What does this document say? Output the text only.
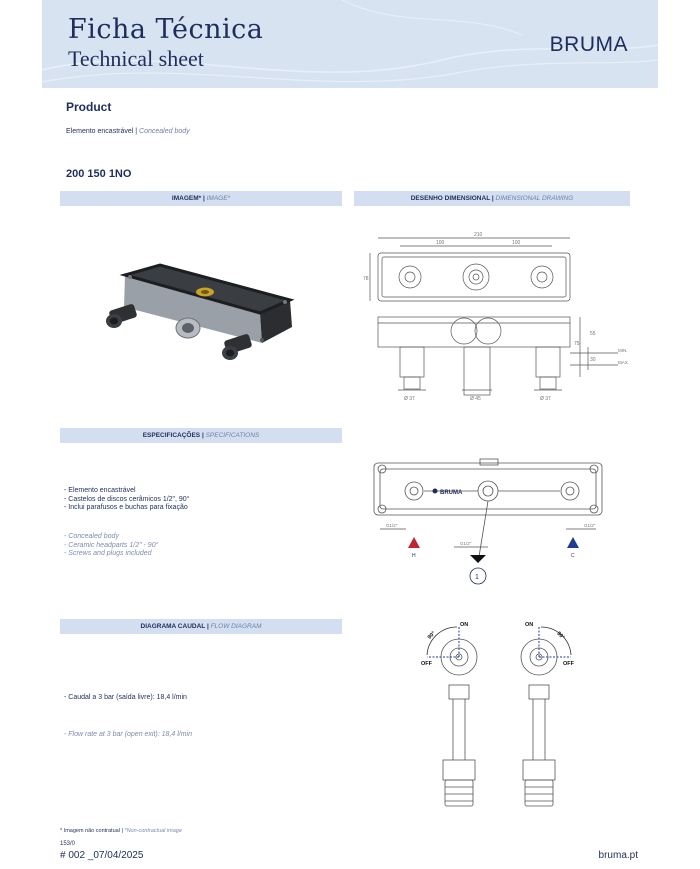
Ficha Técnica
Technical sheet
BRUMA
Product
Elemento encastrável | Concealed body
200 150 1NO
IMAGEM* | IMAGE*	DESENHO DIMENSIONAL | DIMENSIONAL DRAWING
ESPECIFICAÇÕES | SPECIFICATIONS
DIAGRAMA CAUDAL | FLOW DIAGRAM
210
100	100
78
55
75
30
MIN.
MAX.
Ø 37	Ø 45	Ø 37
BRUMA
G1/2"
G1/2"
G1/2"
H	C
1
- Elemento encastrável
- Castelos de discos cerâmicos 1/2", 90°
- Inclui parafusos e buchas para fixação
- Concealed body
- Ceramic headparts 1/2" - 90°
- Screws and plugs included
- Caudal a 3 bar (saída livre): 18,4 l/min
- Flow rate at 3 bar (open exit): 18,4 l/min
ON
OFF
90°
ON
OFF
90°
* Imagem não contratual | *Non-contractual image
153/0
# 002 _07/04/2025	bruma.pt
